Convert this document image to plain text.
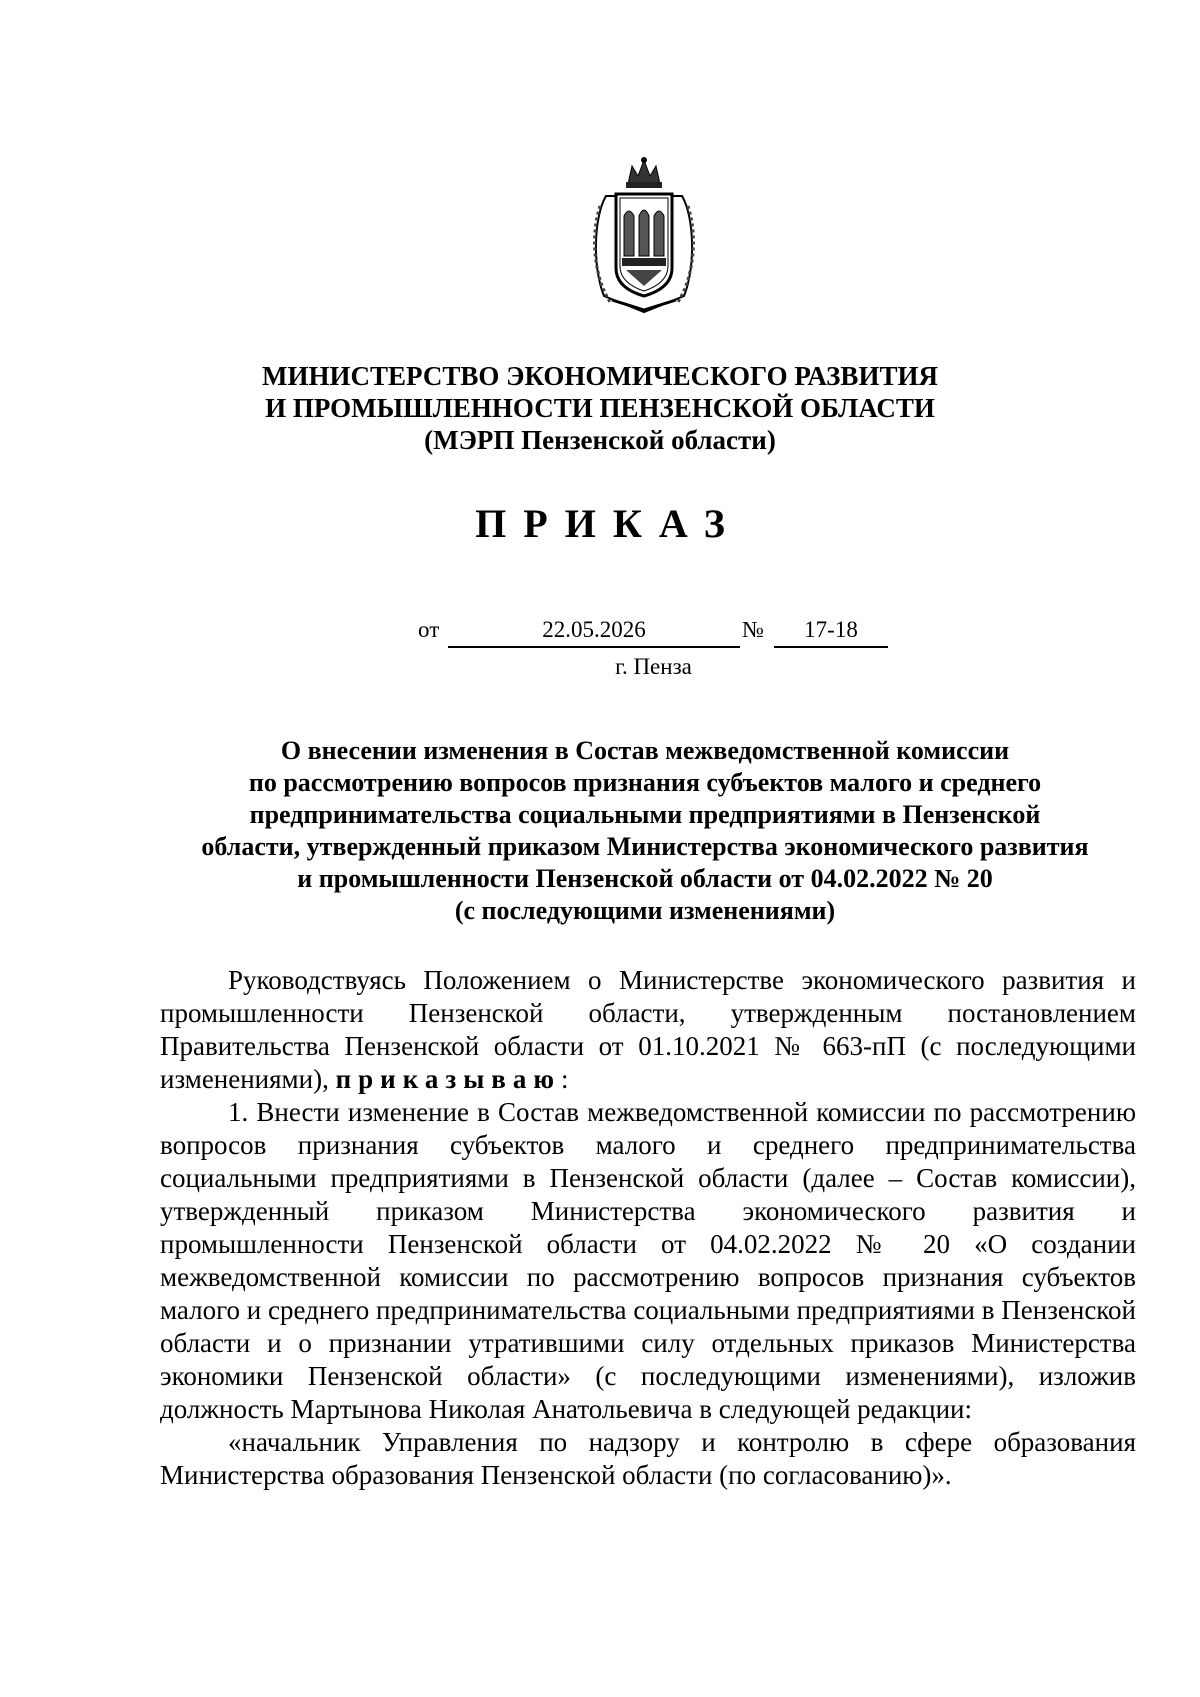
МИНИСТЕРСТВО ЭКОНОМИЧЕСКОГО РАЗВИТИЯ
И ПРОМЫШЛЕННОСТИ ПЕНЗЕНСКОЙ ОБЛАСТИ
(МЭРП Пензенской области)
ПРИКАЗ
от	22.05.2026	№	17-18
г. Пенза
О внесении изменения в Состав межведомственной комиссии
по рассмотрению вопросов признания субъектов малого и среднего
предпринимательства социальными предприятиями в Пензенской
области, утвержденный приказом Министерства экономического развития
и промышленности Пензенской области от 04.02.2022 № 20
(с последующими изменениями)

Руководствуясь Положением о Министерстве экономического развития и промышленности Пензенской области, утвержденным постановлением Правительства Пензенской области от 01.10.2021 № 663-пП (с последующими изменениями), приказываю:

1. Внести изменение в Состав межведомственной комиссии по рассмотрению вопросов признания субъектов малого и среднего предпринимательства социальными предприятиями в Пензенской области (далее – Состав комиссии), утвержденный приказом Министерства экономического развития и промышленности Пензенской области от 04.02.2022 № 20 «О создании межведомственной комиссии по рассмотрению вопросов признания субъектов малого и среднего предпринимательства социальными предприятиями в Пензенской области и о признании утратившими силу отдельных приказов Министерства экономики Пензенской области» (с последующими изменениями), изложив должность Мартынова Николая Анатольевича в следующей редакции:

«начальник Управления по надзору и контролю в сфере образования Министерства образования Пензенской области (по согласованию)».
